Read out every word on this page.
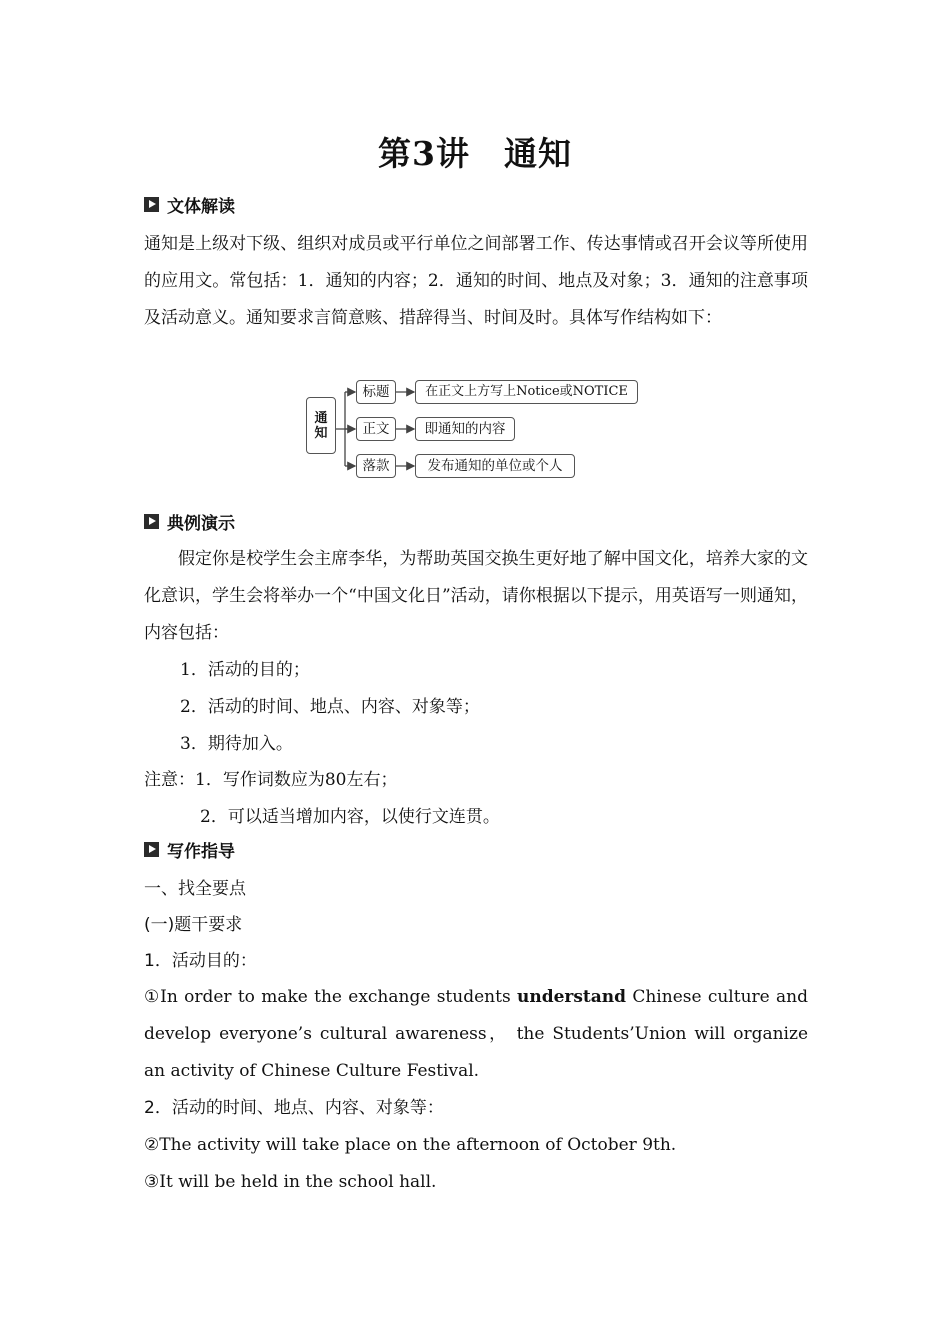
第3讲　通知
文体解读

通知是上级对下级、组织对成员或平行单位之间部署工作、传达事情或召开会议等所使用的应用文。常包括：1．通知的内容；2．通知的时间、地点及对象；3．通知的注意事项及活动意义。通知要求言简意赅、措辞得当、时间及时。具体写作结构如下：

通
知
标题
正文
落款
在正文上方写上Notice或NOTICE
即通知的内容
发布通知的单位或个人
典例演示

假定你是校学生会主席李华，为帮助英国交换生更好地了解中国文化，培养大家的文化意识，学生会将举办一个“中国文化日”活动，请你根据以下提示，用英语写一则通知，内容包括：

1．活动的目的；

2．活动的时间、地点、内容、对象等；

3．期待加入。

注意：1．写作词数应为80左右；

2．可以适当增加内容，以使行文连贯。

写作指导

一、找全要点

(一)题干要求

1．活动目的：

①In order to make the exchange students understand Chinese culture and develop everyone’s cultural awareness， the Students’Union will organize an activity of Chinese Culture Festival.

2．活动的时间、地点、内容、对象等：

②The activity will take place on the afternoon of October 9th.

③It will be held in the school hall.
